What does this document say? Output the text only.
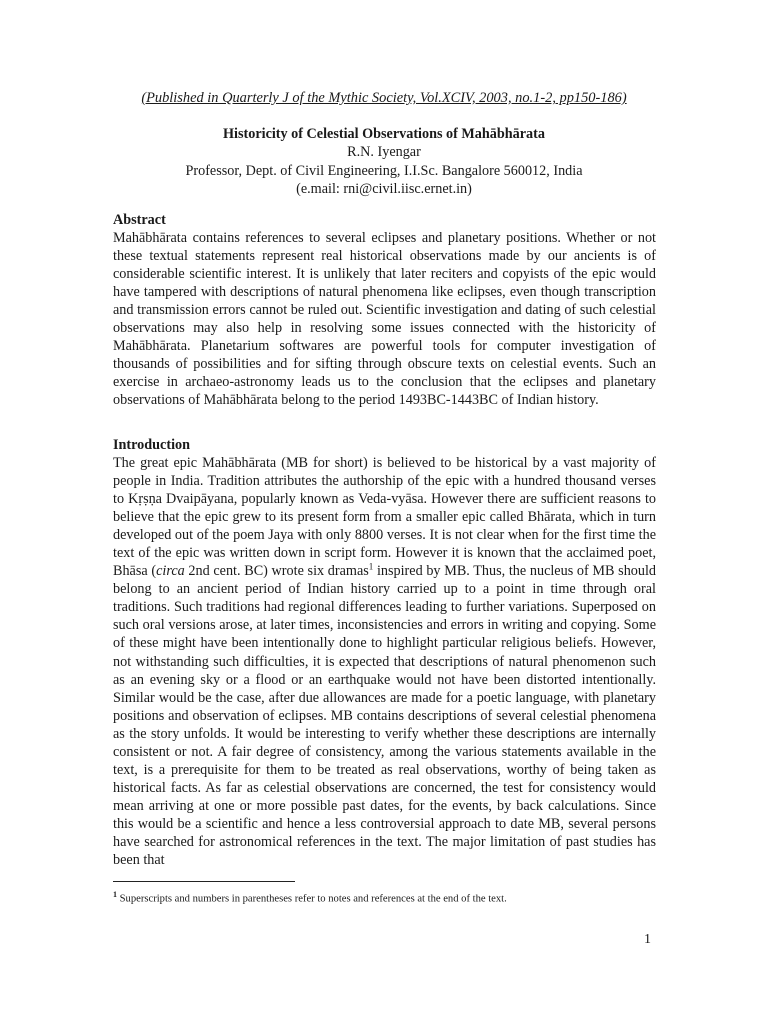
(Published in Quarterly J of the Mythic Society, Vol.XCIV, 2003, no.1-2, pp150-186)
Historicity of Celestial Observations of Mahābhārata
R.N. Iyengar
Professor, Dept. of Civil Engineering, I.I.Sc. Bangalore 560012, India
(e.mail: rni@civil.iisc.ernet.in)
Abstract

Mahābhārata contains references to several eclipses and planetary positions. Whether or not these textual statements represent real historical observations made by our ancients is of considerable scientific interest. It is unlikely that later reciters and copyists of the epic would have tampered with descriptions of natural phenomena like eclipses, even though transcription and transmission errors cannot be ruled out. Scientific investigation and dating of such celestial observations may also help in resolving some issues connected with the historicity of Mahābhārata. Planetarium softwares are powerful tools for computer investigation of thousands of possibilities and for sifting through obscure texts on celestial events. Such an exercise in archaeo-astronomy leads us to the conclusion that the eclipses and planetary observations of Mahābhārata belong to the period 1493BC-1443BC of Indian history.

Introduction

The great epic Mahābhārata (MB for short) is believed to be historical by a vast majority of people in India. Tradition attributes the authorship of the epic with a hundred thousand verses to Kṛṣṇa Dvaipāyana, popularly known as Veda-vyāsa. However there are sufficient reasons to believe that the epic grew to its present form from a smaller epic called Bhārata, which in turn developed out of the poem Jaya with only 8800 verses. It is not clear when for the first time the text of the epic was written down in script form. However it is known that the acclaimed poet, Bhāsa (circa 2nd cent. BC) wrote six dramas$^1$ inspired by MB. Thus, the nucleus of MB should belong to an ancient period of Indian history carried up to a point in time through oral traditions. Such traditions had regional differences leading to further variations. Superposed on such oral versions arose, at later times, inconsistencies and errors in writing and copying. Some of these might have been intentionally done to highlight particular religious beliefs. However, not withstanding such difficulties, it is expected that descriptions of natural phenomenon such as an evening sky or a flood or an earthquake would not have been distorted intentionally. Similar would be the case, after due allowances are made for a poetic language, with planetary positions and observation of eclipses. MB contains descriptions of several celestial phenomena as the story unfolds. It would be interesting to verify whether these descriptions are internally consistent or not. A fair degree of consistency, among the various statements available in the text, is a prerequisite for them to be treated as real observations, worthy of being taken as historical facts. As far as celestial observations are concerned, the test for consistency would mean arriving at one or more possible past dates, for the events, by back calculations. Since this would be a scientific and hence a less controversial approach to date MB, several persons have searched for astronomical references in the text. The major limitation of past studies has been that

$^1$ Superscripts and numbers in parentheses refer to notes and references at the end of the text.
1
